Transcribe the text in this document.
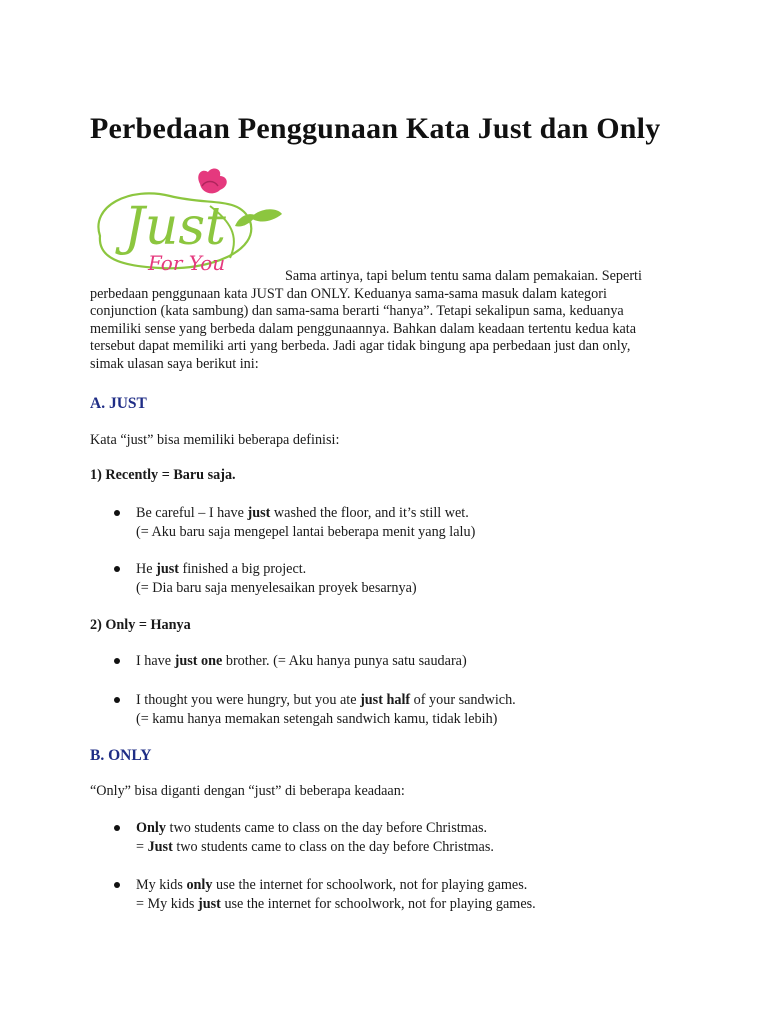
Perbedaan Penggunaan Kata Just dan Only
Just
For You
Sama artinya, tapi belum tentu sama dalam pemakaian. Seperti
perbedaan penggunaan kata JUST dan ONLY. Keduanya sama-sama masuk dalam kategori
conjunction (kata sambung) dan sama-sama berarti “hanya”. Tetapi sekalipun sama, keduanya
memiliki sense yang berbeda dalam penggunaannya. Bahkan dalam keadaan tertentu kedua kata
tersebut dapat memiliki arti yang berbeda. Jadi agar tidak bingung apa perbedaan just dan only,
simak ulasan saya berikut ini:
A. JUST

Kata “just” bisa memiliki beberapa definisi:

1) Recently = Baru saja.

Be careful – I have just washed the floor, and it’s still wet.
(= Aku baru saja mengepel lantai beberapa menit yang lalu)
He just finished a big project.
(= Dia baru saja menyelesaikan proyek besarnya)

2) Only = Hanya

I have just one brother. (= Aku hanya punya satu saudara)
I thought you were hungry, but you ate just half of your sandwich.
(= kamu hanya memakan setengah sandwich kamu, tidak lebih)
B. ONLY

“Only” bisa diganti dengan “just” di beberapa keadaan:

Only two students came to class on the day before Christmas.
= Just two students came to class on the day before Christmas.
My kids only use the internet for schoolwork, not for playing games.
= My kids just use the internet for schoolwork, not for playing games.
